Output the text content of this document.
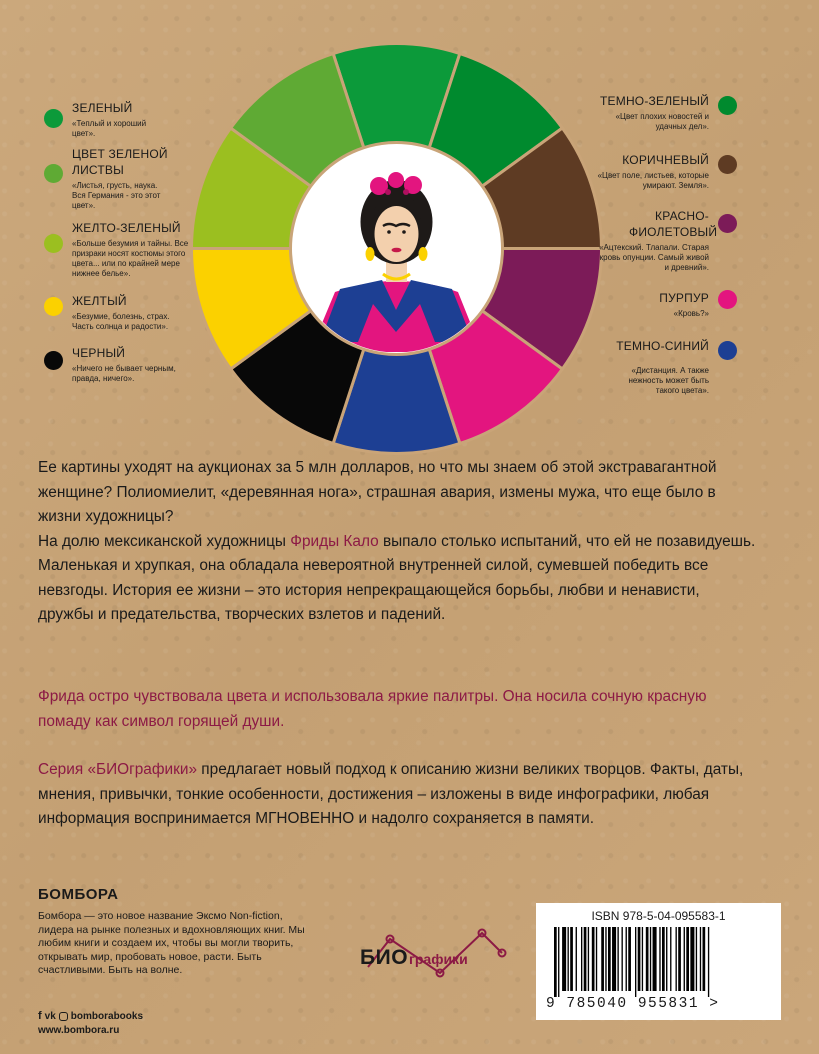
ЗЕЛЕНЫЙ
«Теплый и хороший цвет».
ЦВЕТ ЗЕЛЕНОЙ ЛИСТВЫ
«Листья, грусть, наука. Вся Германия - это этот цвет».
ЖЕЛТО-ЗЕЛЕНЫЙ
«Больше безумия и тайны. Все призраки носят костюмы этого цвета... или по крайней мере нижнее белье».
ЖЕЛТЫЙ
«Безумие, болезнь, страх. Часть солнца и радости».
ЧЕРНЫЙ
«Ничего не бывает черным, правда, ничего».
ТЕМНО-ЗЕЛЕНЫЙ
«Цвет плохих новостей и удачных дел».
КОРИЧНЕВЫЙ
«Цвет поле, листьев, которые умирают. Земля».
КРАСНО-ФИОЛЕТОВЫЙ
«Ацтекский. Тлапали. Старая кровь опунции. Самый живой и древний».
ПУРПУР
«Кровь?»
ТЕМНО-СИНИЙ
«Дистанция. А также нежность может быть такого цвета».

Ее картины уходят на аукционах за 5 млн долларов, но что мы знаем об этой экстравагантной женщине? Полиомиелит, «деревянная нога», страшная авария, измены мужа, что еще было в жизни художницы?
На долю мексиканской художницы Фриды Кало выпало столько испытаний, что ей не позавидуешь. Маленькая и хрупкая, она обладала невероятной внутренней силой, сумевшей победить все невзгоды. История ее жизни – это история непрекращающейся борьбы, любви и ненависти, дружбы и предательства, творческих взлетов и падений.

Фрида остро чувствовала цвета и использовала яркие палитры. Она носила сочную красную помаду как символ горящей души.

Серия «БИОграфики» предлагает новый подход к описанию жизни великих творцов. Факты, даты, мнения, привычки, тонкие особенности, достижения – изложены в виде инфографики, любая информация воспринимается МГНОВЕННО и надолго сохраняется в памяти.

БОМБОРА
Бомбора — это новое название Эксмо Non-fiction, лидера на рынке полезных и вдохновляющих книг. Мы любим книги и создаем их, чтобы вы могли творить, открывать мир, пробовать новое, расти. Быть счастливыми. Быть на волне.
f vk bomborabooks
www.bombora.ru
БИО графики
ISBN 978-5-04-095583-1
9 785040 955831 >
